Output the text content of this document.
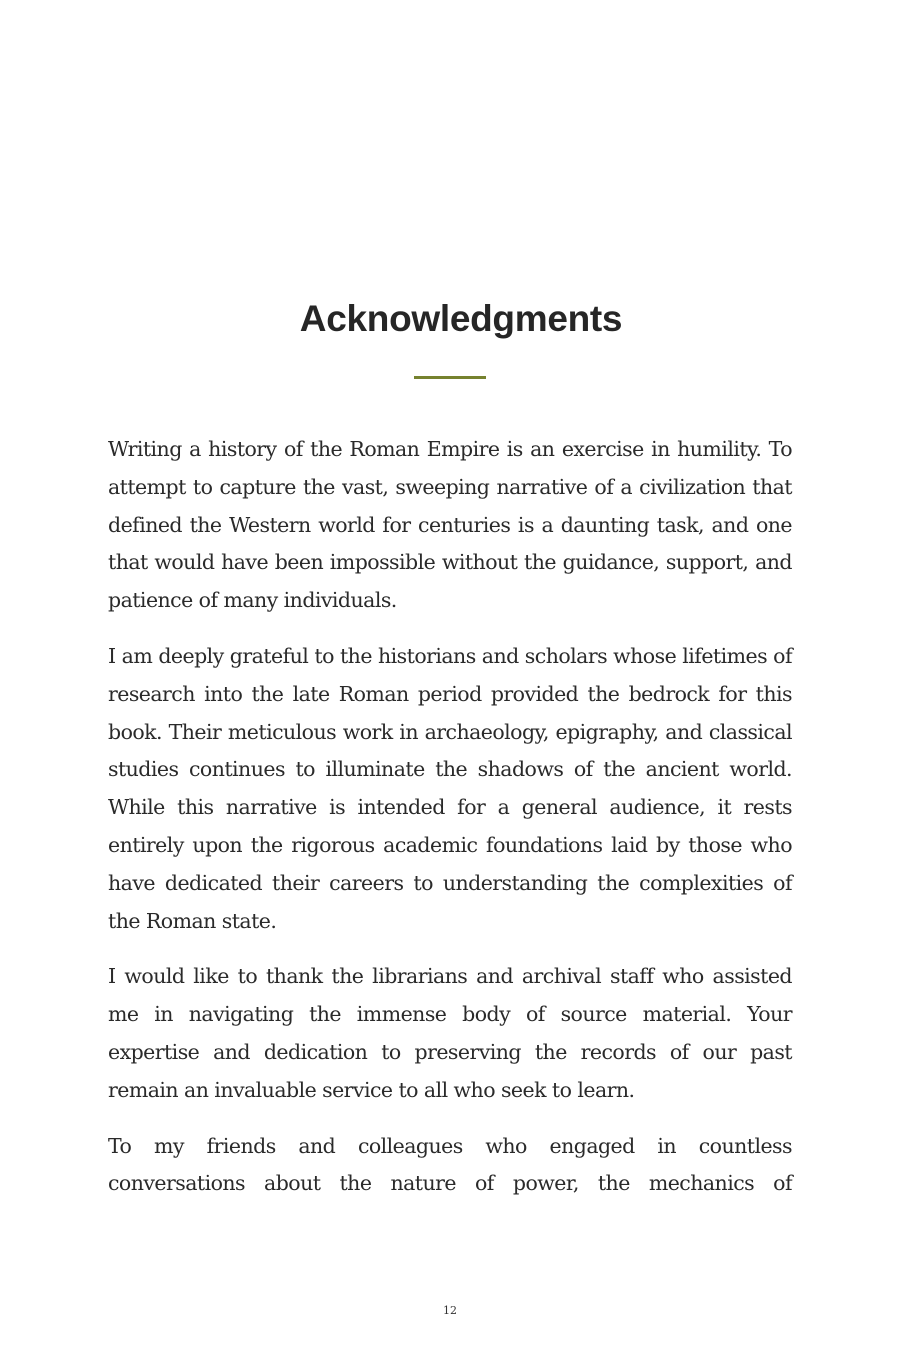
Acknowledgments

Writing a history of the Roman Empire is an exercise in humility. To attempt to capture the vast, sweeping narrative of a civilization that defined the Western world for centuries is a daunting task, and one that would have been impossible without the guidance, support, and patience of many individuals.

I am deeply grateful to the historians and scholars whose lifetimes of research into the late Roman period provided the bedrock for this book. Their meticulous work in archaeology, epigraphy, and classical studies continues to illuminate the shadows of the ancient world. While this narrative is intended for a general audience, it rests entirely upon the rigorous academic foundations laid by those who have dedicated their careers to understanding the complexities of the Roman state.

I would like to thank the librarians and archival staff who assisted me in navigating the immense body of source material. Your expertise and dedication to preserving the records of our past remain an invaluable service to all who seek to learn.

To my friends and colleagues who engaged in countless conversations about the nature of power, the mechanics of

12
